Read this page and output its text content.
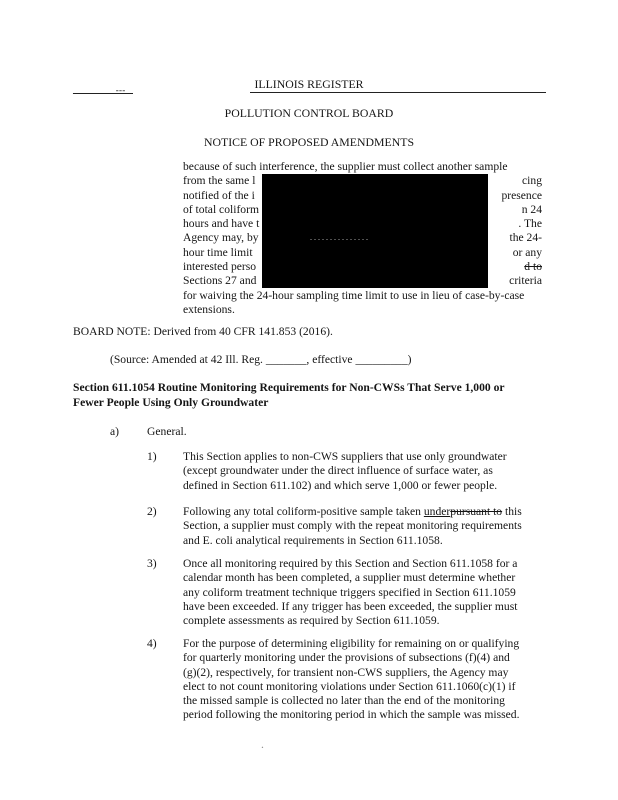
_ _ _ _ _ _ _ _ _ - - -	ILLINOIS REGISTER
POLLUTION CONTROL BOARD
NOTICE OF PROPOSED AMENDMENTS
because of such interference, the supplier must collect another sample
from the same l
notified of the i
of total coliform
hours and have t
Agency may, by
hour time limit
interested perso
Sections 27 and
for waiving the 24-hour sampling time limit to use in lieu of case-by-case
extensions.
cing
presence
n 24
. The
the 24-
or any
d to
criteria
. . . . . . . . . . . . . . .
BOARD NOTE: Derived from 40 CFR 141.853 (2016).
(Source: Amended at 42 Ill. Reg. _______, effective _________)
Section 611.1054 Routine Monitoring Requirements for Non-CWSs That Serve 1,000 or
Fewer People Using Only Groundwater
a) General.
1) This Section applies to non-CWS suppliers that use only groundwater
(except groundwater under the direct influence of surface water, as
defined in Section 611.102) and which serve 1,000 or fewer people.
2) Following any total coliform-positive sample taken underpursuant to this
Section, a supplier must comply with the repeat monitoring requirements
and E. coli analytical requirements in Section 611.1058.
3) Once all monitoring required by this Section and Section 611.1058 for a
calendar month has been completed, a supplier must determine whether
any coliform treatment technique triggers specified in Section 611.1059
have been exceeded. If any trigger has been exceeded, the supplier must
complete assessments as required by Section 611.1059.
4) For the purpose of determining eligibility for remaining on or qualifying
for quarterly monitoring under the provisions of subsections (f)(4) and
(g)(2), respectively, for transient non-CWS suppliers, the Agency may
elect to not count monitoring violations under Section 611.1060(c)(1) if
the missed sample is collected no later than the end of the monitoring
period following the monitoring period in which the sample was missed.
.
